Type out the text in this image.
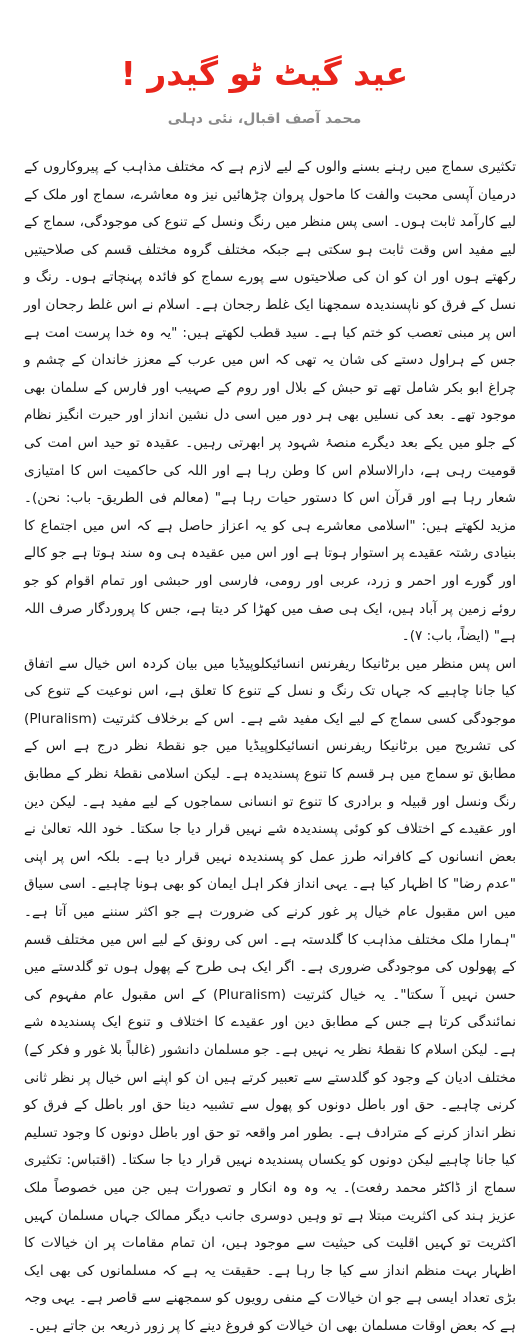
عید گیٹ ٹو گیدر !
محمد آصف اقبال، نئی دہلی

تکثیری سماج میں رہنے بسنے والوں کے لیے لازم ہے کہ مختلف مذاہب کے پیروکاروں کے درمیان آپسی محبت والفت کا ماحول پروان چڑھائیں نیز وہ معاشرے، سماج اور ملک کے لیے کارآمد ثابت ہوں۔ اسی پس منظر میں رنگ ونسل کے تنوع کی موجودگی، سماج کے لیے مفید اس وقت ثابت ہو سکتی ہے جبکہ مختلف گروہ مختلف قسم کی صلاحیتیں رکھتے ہوں اور ان کو ان کی صلاحیتوں سے پورے سماج کو فائدہ پہنچاتے ہوں۔ رنگ و نسل کے فرق کو ناپسندیدہ سمجھنا ایک غلط رجحان ہے۔ اسلام نے اس غلط رجحان اور اس پر مبنی تعصب کو ختم کیا ہے۔ سید قطب لکھتے ہیں: "یہ وہ خدا پرست امت ہے جس کے ہراول دستے کی شان یہ تھی کہ اس میں عرب کے معزز خاندان کے چشم و چراغ ابو بکر شامل تھے تو حبش کے بلال اور روم کے صہیب اور فارس کے سلمان بھی موجود تھے۔ بعد کی نسلیں بھی ہر دور میں اسی دل نشین انداز اور حیرت انگیز نظام کے جلو میں یکے بعد دیگرے منصۂ شہود پر ابھرتی رہیں۔ عقیدہ تو حید اس امت کی قومیت رہی ہے، دارالاسلام اس کا وطن رہا ہے اور اللہ کی حاکمیت اس کا امتیازی شعار رہا ہے اور قرآن اس کا دستور حیات رہا ہے" (معالم فی الطریق- باب: نحن)۔ مزید لکھتے ہیں: "اسلامی معاشرے ہی کو یہ اعزاز حاصل ہے کہ اس میں اجتماع کا بنیادی رشتہ عقیدے پر استوار ہوتا ہے اور اس میں عقیدہ ہی وہ سند ہوتا ہے جو کالے اور گورے اور احمر و زرد، عربی اور رومی، فارسی اور حبشی اور تمام اقوام کو جو روئے زمین پر آباد ہیں، ایک ہی صف میں کھڑا کر دیتا ہے، جس کا پروردگار صرف اللہ ہے" (ایضاً، باب: ۷)۔

اس پس منظر میں برٹانیکا ریفرنس انسائیکلوپیڈیا میں بیان کردہ اس خیال سے اتفاق کیا جانا چاہیے کہ جہاں تک رنگ و نسل کے تنوع کا تعلق ہے، اس نوعیت کے تنوع کی موجودگی کسی سماج کے لیے ایک مفید شے ہے۔ اس کے برخلاف کثرتیت (Pluralism) کی تشریح میں برٹانیکا ریفرنس انسائیکلوپیڈیا میں جو نقطۂ نظر درج ہے اس کے مطابق تو سماج میں ہر قسم کا تنوع پسندیدہ ہے۔ لیکن اسلامی نقطۂ نظر کے مطابق رنگ ونسل اور قبیلہ و برادری کا تنوع تو انسانی سماجوں کے لیے مفید ہے۔ لیکن دین اور عقیدے کے اختلاف کو کوئی پسندیدہ شے نہیں قرار دیا جا سکتا۔ خود اللہ تعالیٰ نے بعض انسانوں کے کافرانہ طرز عمل کو پسندیدہ نہیں قرار دیا ہے۔ بلکہ اس پر اپنی "عدم رضا" کا اظہار کیا ہے۔ یہی انداز فکر اہل ایمان کو بھی ہونا چاہیے۔ اسی سیاق میں اس مقبول عام خیال پر غور کرنے کی ضرورت ہے جو اکثر سننے میں آتا ہے۔ "ہمارا ملک مختلف مذاہب کا گلدستہ ہے۔ اس کی رونق کے لیے اس میں مختلف قسم کے پھولوں کی موجودگی ضروری ہے۔ اگر ایک ہی طرح کے پھول ہوں تو گلدستے میں حسن نہیں آ سکتا"۔ یہ خیال کثرتیت (Pluralism) کے اس مقبول عام مفہوم کی نمائندگی کرتا ہے جس کے مطابق دین اور عقیدے کا اختلاف و تنوع ایک پسندیدہ شے ہے۔ لیکن اسلام کا نقطۂ نظر یہ نہیں ہے۔ جو مسلمان دانشور (غالباً بلا غور و فکر کے) مختلف ادیان کے وجود کو گلدستے سے تعبیر کرتے ہیں ان کو اپنے اس خیال پر نظر ثانی کرنی چاہیے۔ حق اور باطل دونوں کو پھول سے تشبیہ دینا حق اور باطل کے فرق کو نظر انداز کرنے کے مترادف ہے۔ بطور امر واقعہ تو حق اور باطل دونوں کا وجود تسلیم کیا جانا چاہیے لیکن دونوں کو یکساں پسندیدہ نہیں قرار دیا جا سکتا۔ (اقتباس: تکثیری سماج از ڈاکٹر محمد رفعت)۔ یہ وہ وہ انکار و تصورات ہیں جن میں خصوصاً ملک عزیز ہند کی اکثریت مبتلا ہے تو وہیں دوسری جانب دیگر ممالک جہاں مسلمان کہیں اکثریت تو کہیں اقلیت کی حیثیت سے موجود ہیں، ان تمام مقامات پر ان خیالات کا اظہار بہت منظم انداز سے کیا جا رہا ہے۔ حقیقت یہ ہے کہ مسلمانوں کی بھی ایک بڑی تعداد ایسی ہے جو ان خیالات کے منفی رویوں کو سمجھنے سے قاصر ہے۔ یہی وجہ ہے کہ بعض اوقات مسلمان بھی ان خیالات کو فروغ دینے کا پر زور ذریعہ بن جاتے ہیں۔
